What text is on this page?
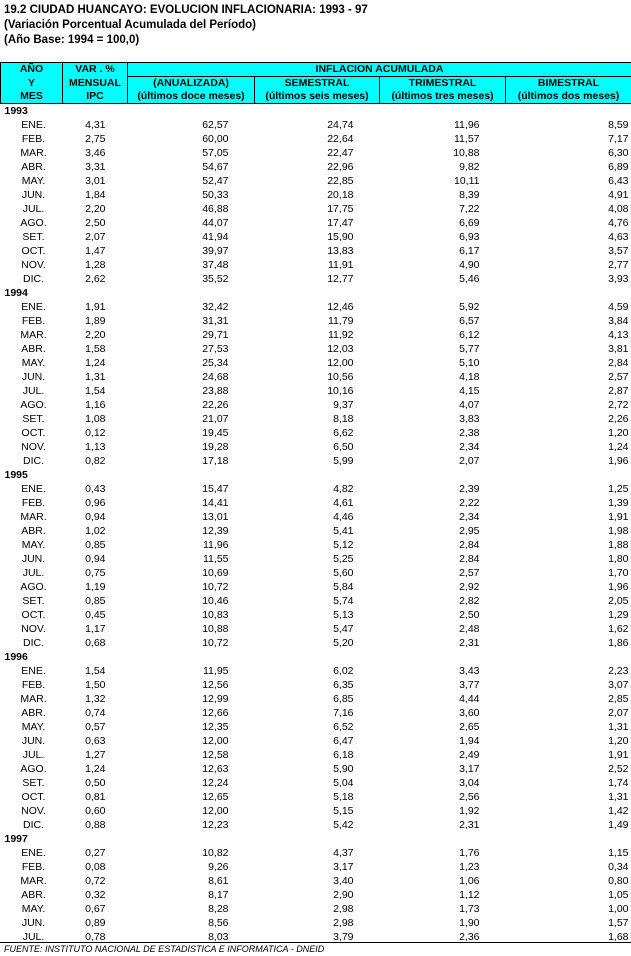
19.2 CIUDAD HUANCAYO: EVOLUCION INFLACIONARIA: 1993 - 97
(Variación Porcentual Acumulada del Período)
(Año Base: 1994 = 100,0)
AÑO	VAR . %	INFLACION ACUMULADA			
Y	MENSUAL	(ANUALIZADA)	SEMESTRAL	TRIMESTRAL	BIMESTRAL
MES	IPC	(últimos doce meses)	(últimos seis meses)	(últimos tres meses)	(últimos dos meses)
1993					
ENE.	4,31	62,57	24,74	11,96	8,59
FEB.	2,75	60,00	22,64	11,57	7,17
MAR.	3,46	57,05	22,47	10,88	6,30
ABR.	3,31	54,67	22,96	9,82	6,89
MAY.	3,01	52,47	22,85	10,11	6,43
JUN.	1,84	50,33	20,18	8,39	4,91
JUL.	2,20	46,88	17,75	7,22	4,08
AGO.	2,50	44,07	17,47	6,69	4,76
SET.	2,07	41,94	15,90	6,93	4,63
OCT.	1,47	39,97	13,83	6,17	3,57
NOV.	1,28	37,48	11,91	4,90	2,77
DIC.	2,62	35,52	12,77	5,46	3,93
1994					
ENE.	1,91	32,42	12,46	5,92	4,59
FEB.	1,89	31,31	11,79	6,57	3,84
MAR.	2,20	29,71	11,92	6,12	4,13
ABR.	1,58	27,53	12,03	5,77	3,81
MAY.	1,24	25,34	12,00	5,10	2,84
JUN.	1,31	24,68	10,56	4,18	2,57
JUL.	1,54	23,88	10,16	4,15	2,87
AGO.	1,16	22,26	9,37	4,07	2,72
SET.	1,08	21,07	8,18	3,83	2,26
OCT.	0,12	19,45	6,62	2,38	1,20
NOV.	1,13	19,28	6,50	2,34	1,24
DIC.	0,82	17,18	5,99	2,07	1,96
1995					
ENE.	0,43	15,47	4,82	2,39	1,25
FEB.	0,96	14,41	4,61	2,22	1,39
MAR.	0,94	13,01	4,46	2,34	1,91
ABR.	1,02	12,39	5,41	2,95	1,98
MAY.	0,85	11,96	5,12	2,84	1,88
JUN.	0,94	11,55	5,25	2,84	1,80
JUL.	0,75	10,69	5,60	2,57	1,70
AGO.	1,19	10,72	5,84	2,92	1,96
SET.	0,85	10,46	5,74	2,82	2,05
OCT.	0,45	10,83	5,13	2,50	1,29
NOV.	1,17	10,88	5,47	2,48	1,62
DIC.	0,68	10,72	5,20	2,31	1,86
1996					
ENE.	1,54	11,95	6,02	3,43	2,23
FEB.	1,50	12,56	6,35	3,77	3,07
MAR.	1,32	12,99	6,85	4,44	2,85
ABR.	0,74	12,66	7,16	3,60	2,07
MAY.	0,57	12,35	6,52	2,65	1,31
JUN.	0,63	12,00	6,47	1,94	1,20
JUL.	1,27	12,58	6,18	2,49	1,91
AGO.	1,24	12,63	5,90	3,17	2,52
SET.	0,50	12,24	5,04	3,04	1,74
OCT.	0,81	12,65	5,18	2,56	1,31
NOV.	0,60	12,00	5,15	1,92	1,42
DIC.	0,88	12,23	5,42	2,31	1,49
1997					
ENE.	0,27	10,82	4,37	1,76	1,15
FEB.	0,08	9,26	3,17	1,23	0,34
MAR.	0,72	8,61	3,40	1,06	0,80
ABR.	0,32	8,17	2,90	1,12	1,05
MAY.	0,67	8,28	2,98	1,73	1,00
JUN.	0,89	8,56	2,98	1,90	1,57
JUL.	0,78	8,03	3,79	2,36	1,68
FUENTE: INSTITUTO NACIONAL DE ESTADISTICA E INFORMATICA - DNEID
